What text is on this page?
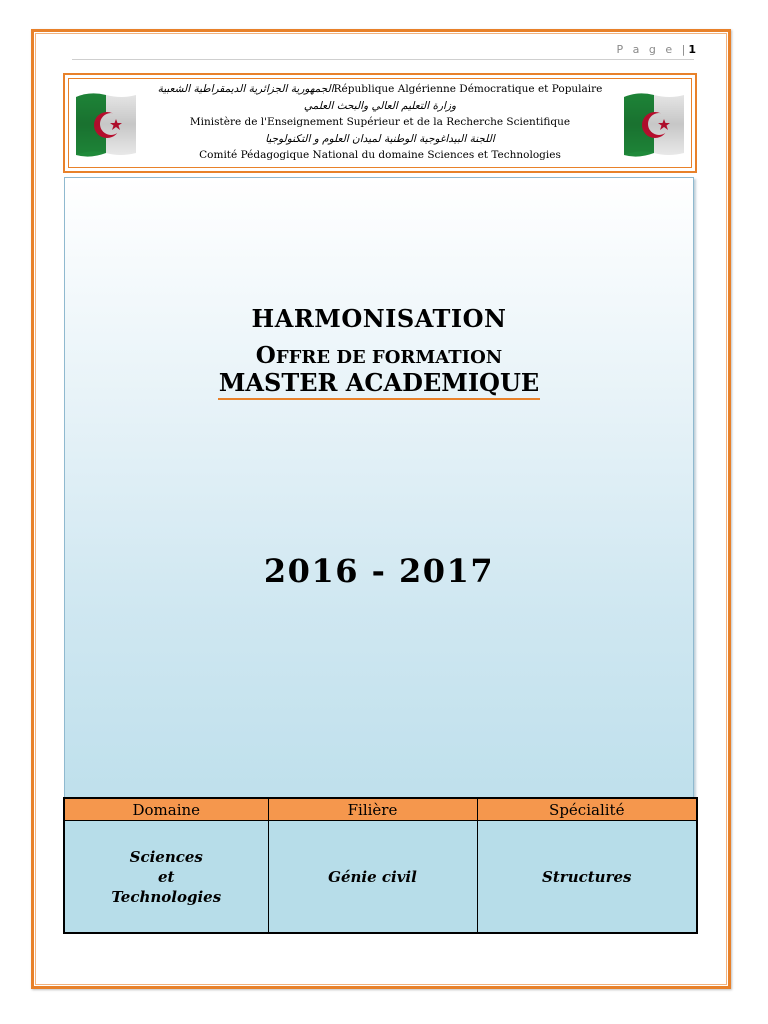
P a g e |1
الجمهورية الجزائرية الديمقراطية الشعبيةRépublique Algérienne Démocratique et Populaire
وزارة التعليم العالي والبحث العلمي
Ministère de l'Enseignement Supérieur et de la Recherche Scientifique
اللجنة البيداغوجية الوطنية لميدان العلوم و التكنولوجيا
Comité Pédagogique National du domaine Sciences et Technologies
HARMONISATION
OFFRE DE FORMATION
MASTER ACADEMIQUE
2016 - 2017
Domaine	Filière	Spécialité

Sciences
et
Technologies	Génie civil	Structures
